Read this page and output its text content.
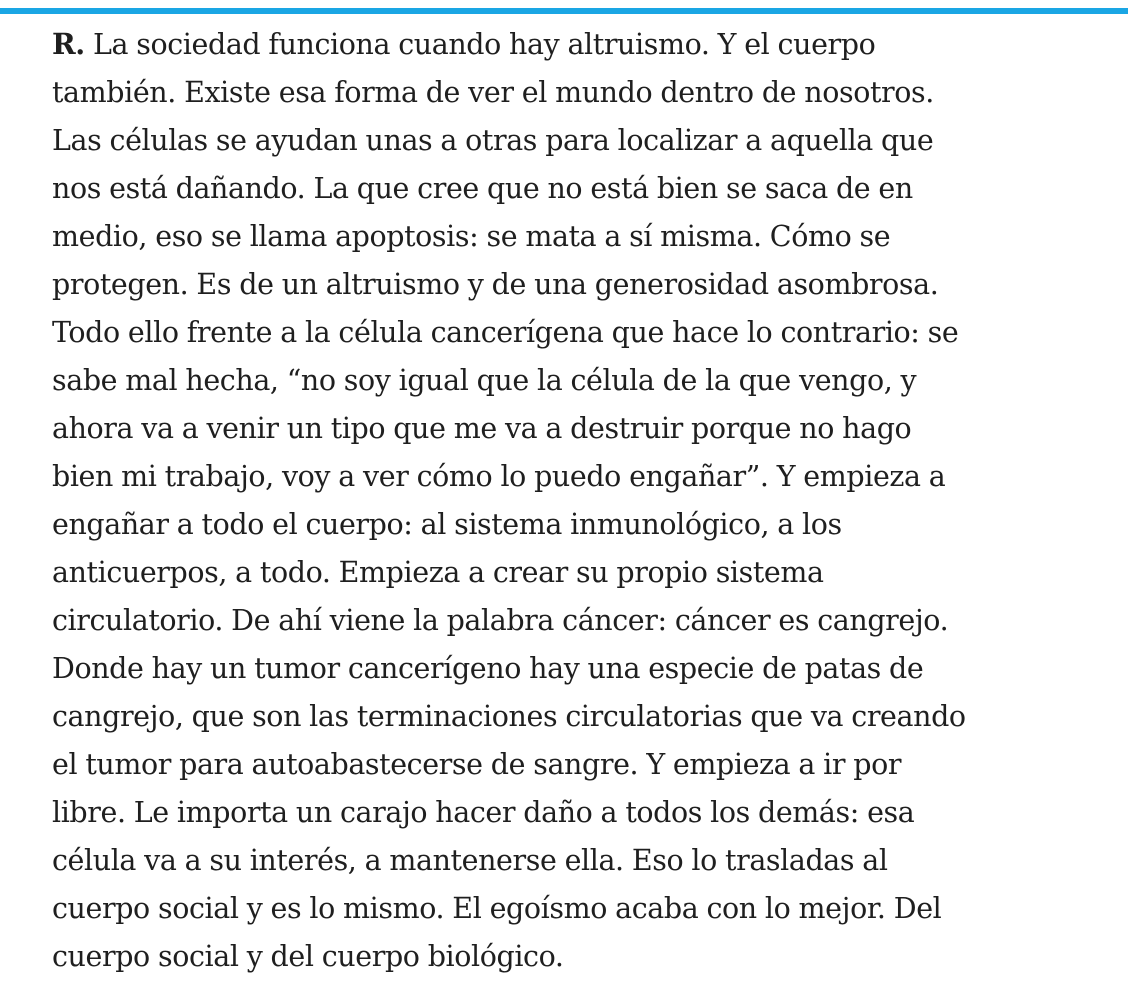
R. La sociedad funciona cuando hay altruismo. Y el cuerpo
también. Existe esa forma de ver el mundo dentro de nosotros.
Las células se ayudan unas a otras para localizar a aquella que
nos está dañando. La que cree que no está bien se saca de en
medio, eso se llama apoptosis: se mata a sí misma. Cómo se
protegen. Es de un altruismo y de una generosidad asombrosa.
Todo ello frente a la célula cancerígena que hace lo contrario: se
sabe mal hecha, “no soy igual que la célula de la que vengo, y
ahora va a venir un tipo que me va a destruir porque no hago
bien mi trabajo, voy a ver cómo lo puedo engañar”. Y empieza a
engañar a todo el cuerpo: al sistema inmunológico, a los
anticuerpos, a todo. Empieza a crear su propio sistema
circulatorio. De ahí viene la palabra cáncer: cáncer es cangrejo.
Donde hay un tumor cancerígeno hay una especie de patas de
cangrejo, que son las terminaciones circulatorias que va creando
el tumor para autoabastecerse de sangre. Y empieza a ir por
libre. Le importa un carajo hacer daño a todos los demás: esa
célula va a su interés, a mantenerse ella. Eso lo trasladas al
cuerpo social y es lo mismo. El egoísmo acaba con lo mejor. Del
cuerpo social y del cuerpo biológico.
